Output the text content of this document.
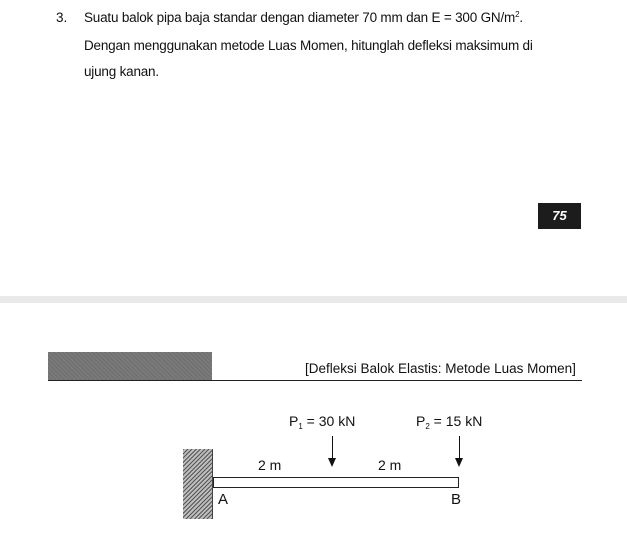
3. Suatu balok pipa baja standar dengan diameter 70 mm dan E = 300 $GN/m^2$.
Dengan menggunakan metode Luas Momen, hitunglah defleksi maksimum di
ujung kanan.
75
[Defleksi Balok Elastis: Metode Luas Momen]
$P_1 = 30$ kN	$P_2 = 15$ kN
2 m	2 m
A	B
